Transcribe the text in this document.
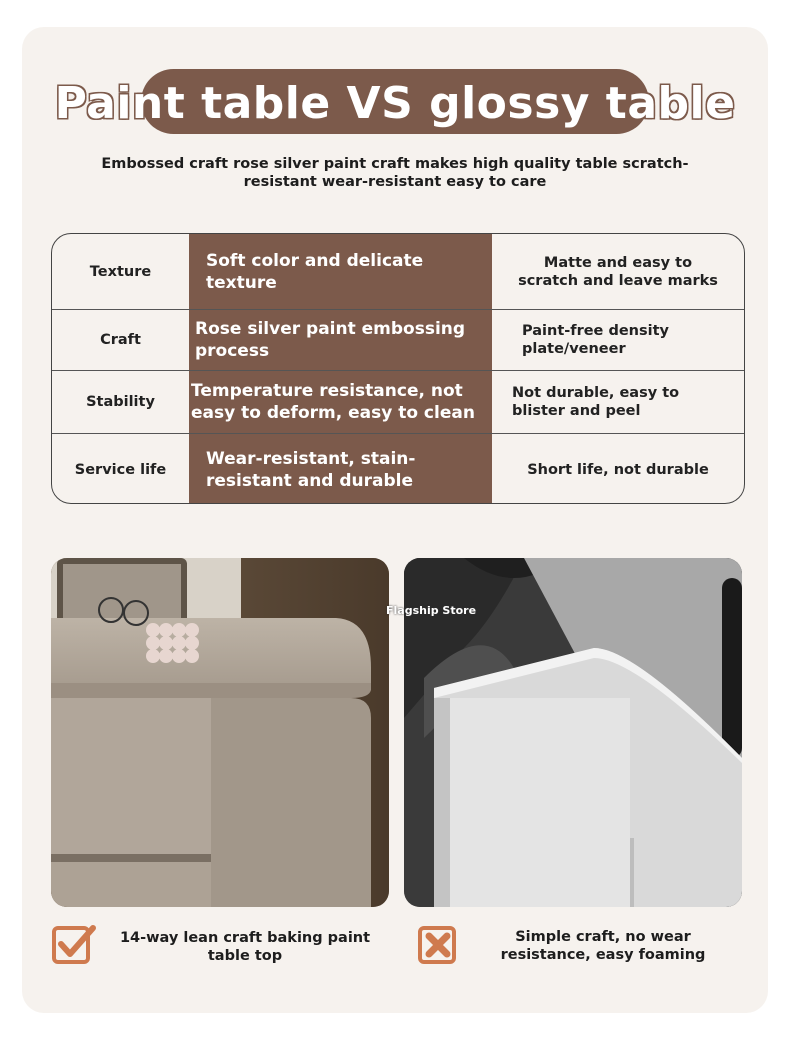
Paint table VS glossy table
Embossed craft rose silver paint craft makes high quality table scratch-resistant wear-resistant easy to care
Texture
Soft color and delicate texture
Matte and easy to scratch and leave marks
Craft
Rose silver paint embossing process
Paint-free density plate/veneer
Stability
Temperature resistance, not easy to deform, easy to clean
Not durable, easy to blister and peel
Service life
Wear-resistant, stain-resistant and durable
Short life, not durable
Flagship Store
14-way lean craft baking paint table top
Simple craft, no wear resistance, easy foaming
